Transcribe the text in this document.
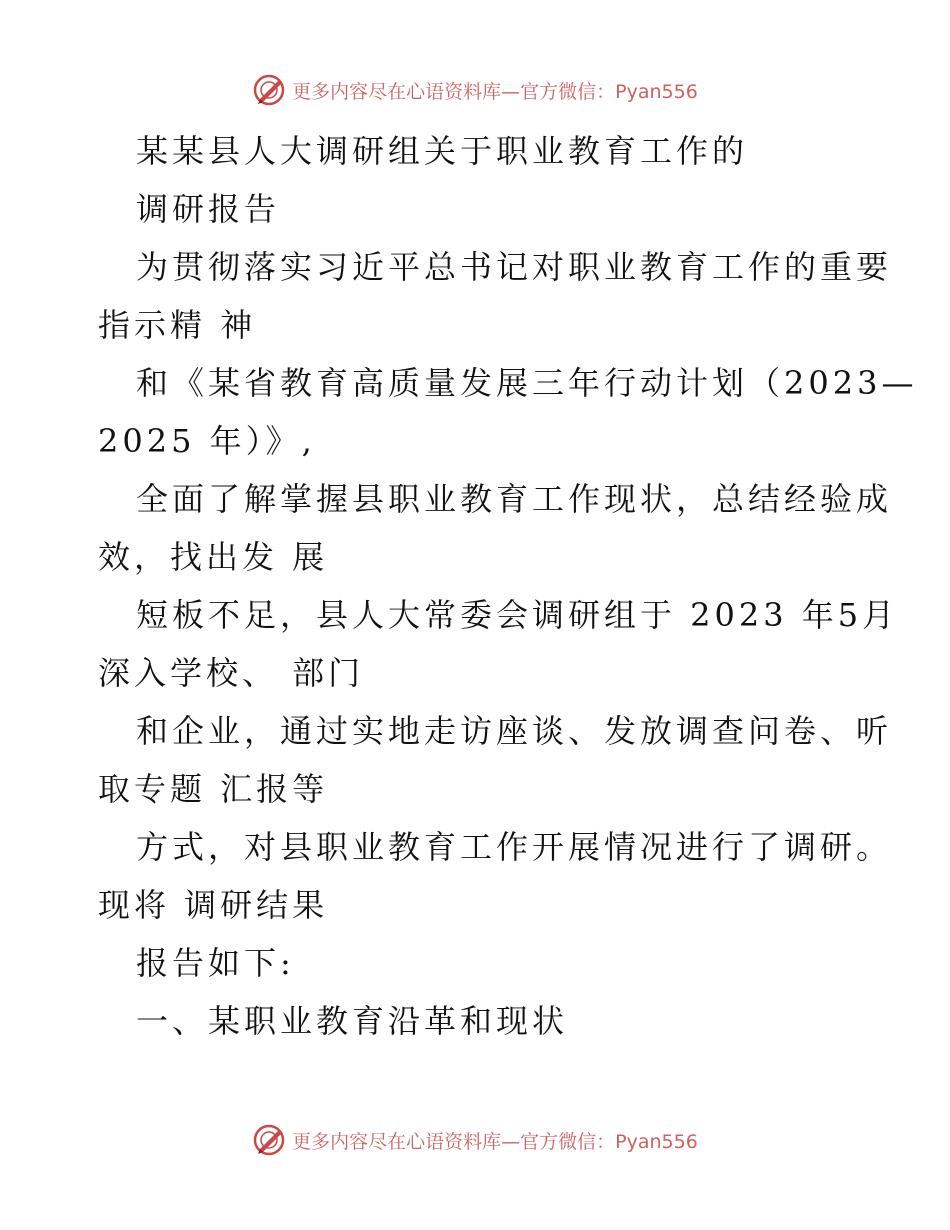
更多内容尽在心语资料库—官方微信：Pyan556
某某县人大调研组关于职业教育工作的
调研报告
为贯彻落实习近平总书记对职业教育工作的重要
指示精 神
和《某省教育高质量发展三年行动计划（2023—
2025 年）》,
全面了解掌握县职业教育工作现状，总结经验成
效，找出发 展
短板不足，县人大常委会调研组于 2023 年5月
深入学校、 部门
和企业，通过实地走访座谈、发放调查问卷、听
取专题 汇报等
方式，对县职业教育工作开展情况进行了调研。
现将 调研结果
报告如下:
一、某职业教育沿革和现状
更多内容尽在心语资料库—官方微信：Pyan556
